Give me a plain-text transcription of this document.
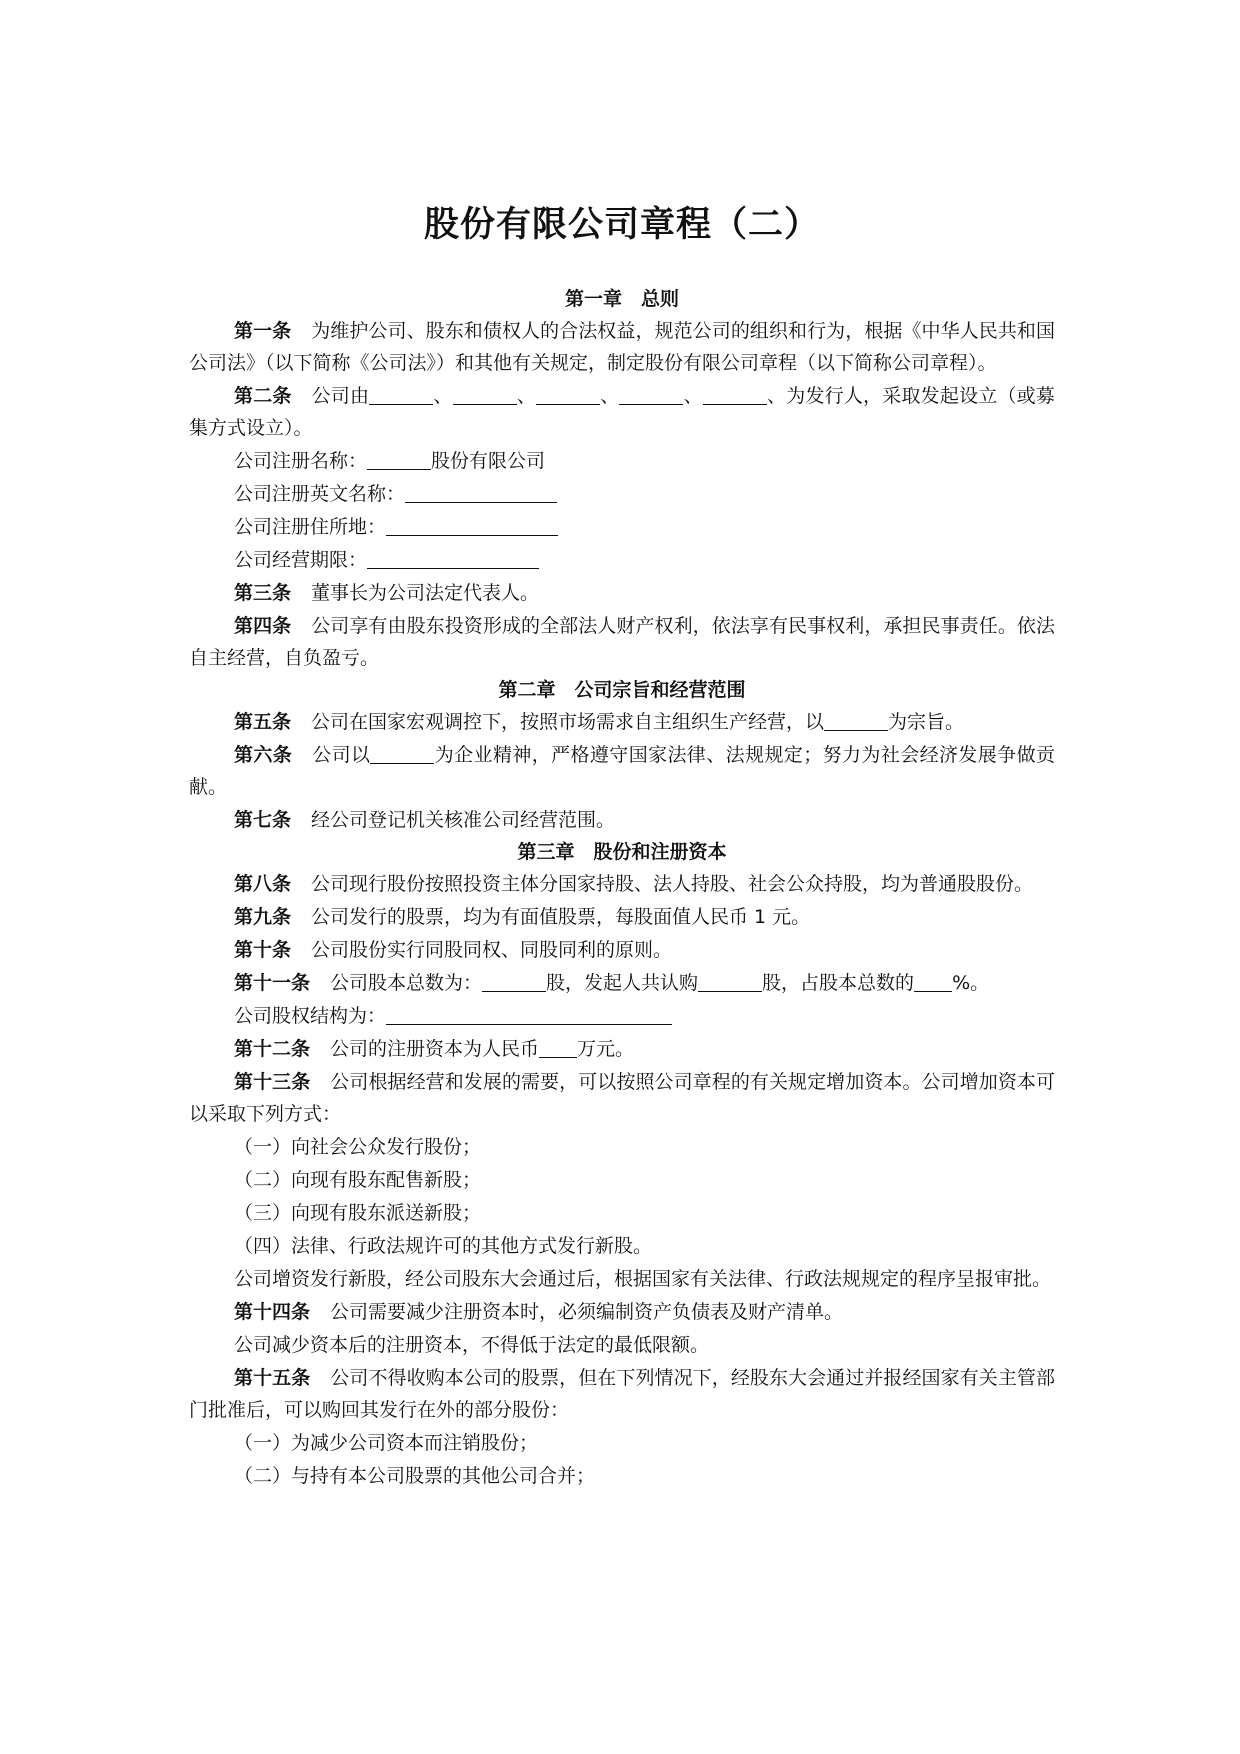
股份有限公司章程（二）
第一章　总则

第一条 为维护公司、股东和债权人的合法权益，规范公司的组织和行为，根据《中华人民共和国公司法》（以下简称《公司法》）和其他有关规定，制定股份有限公司章程（以下简称公司章程）。

第二条 公司由	、	、	、	、	、为发行人，采取发起设立（或募集方式设立）。

公司注册名称：	股份有限公司

公司注册英文名称：

公司注册住所地：

公司经营期限：

第三条 董事长为公司法定代表人。

第四条 公司享有由股东投资形成的全部法人财产权利，依法享有民事权利，承担民事责任。依法自主经营，自负盈亏。

第二章　公司宗旨和经营范围

第五条 公司在国家宏观调控下，按照市场需求自主组织生产经营，以	为宗旨。

第六条 公司以	为企业精神，严格遵守国家法律、法规规定；努力为社会经济发展争做贡献。

第七条 经公司登记机关核准公司经营范围。

第三章　股份和注册资本

第八条 公司现行股份按照投资主体分国家持股、法人持股、社会公众持股，均为普通股股份。

第九条 公司发行的股票，均为有面值股票，每股面值人民币 1 元。

第十条 公司股份实行同股同权、同股同利的原则。

第十一条 公司股本总数为：	股，发起人共认购	股，占股本总数的 %。

公司股权结构为：

第十二条 公司的注册资本为人民币 万元。

第十三条 公司根据经营和发展的需要，可以按照公司章程的有关规定增加资本。公司增加资本可以采取下列方式：

（一）向社会公众发行股份；

（二）向现有股东配售新股；

（三）向现有股东派送新股；

（四）法律、行政法规许可的其他方式发行新股。

公司增资发行新股，经公司股东大会通过后，根据国家有关法律、行政法规规定的程序呈报审批。

第十四条 公司需要减少注册资本时，必须编制资产负债表及财产清单。

公司减少资本后的注册资本，不得低于法定的最低限额。

第十五条 公司不得收购本公司的股票，但在下列情况下，经股东大会通过并报经国家有关主管部门批准后，可以购回其发行在外的部分股份：

（一）为减少公司资本而注销股份；

（二）与持有本公司股票的其他公司合并；
